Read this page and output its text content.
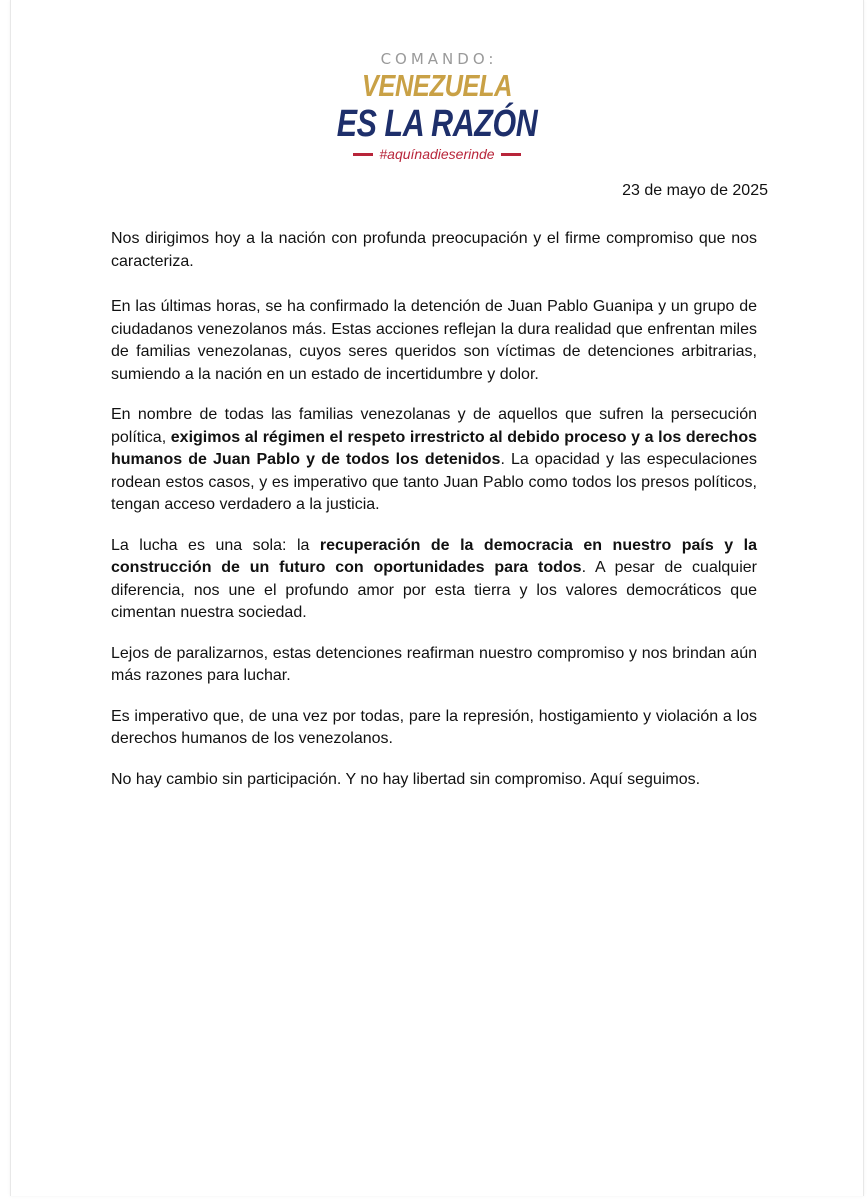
COMANDO:
VENEZUELA
ES LA RAZÓN
#aquínadieserinde
23 de mayo de 2025

Nos dirigimos hoy a la nación con profunda preocupación y el firme compromiso que nos caracteriza.

En las últimas horas, se ha confirmado la detención de Juan Pablo Guanipa y un grupo de ciudadanos venezolanos más. Estas acciones reflejan la dura realidad que enfrentan miles de familias venezolanas, cuyos seres queridos son víctimas de detenciones arbitrarias, sumiendo a la nación en un estado de incertidumbre y dolor.

En nombre de todas las familias venezolanas y de aquellos que sufren la persecución política, exigimos al régimen el respeto irrestricto al debido proceso y a los derechos humanos de Juan Pablo y de todos los detenidos. La opacidad y las especulaciones rodean estos casos, y es imperativo que tanto Juan Pablo como todos los presos políticos, tengan acceso verdadero a la justicia.

La lucha es una sola: la recuperación de la democracia en nuestro país y la construcción de un futuro con oportunidades para todos. A pesar de cualquier diferencia, nos une el profundo amor por esta tierra y los valores democráticos que cimentan nuestra sociedad.

Lejos de paralizarnos, estas detenciones reafirman nuestro compromiso y nos brindan aún más razones para luchar.

Es imperativo que, de una vez por todas, pare la represión, hostigamiento y violación a los derechos humanos de los venezolanos.

No hay cambio sin participación. Y no hay libertad sin compromiso. Aquí seguimos.
